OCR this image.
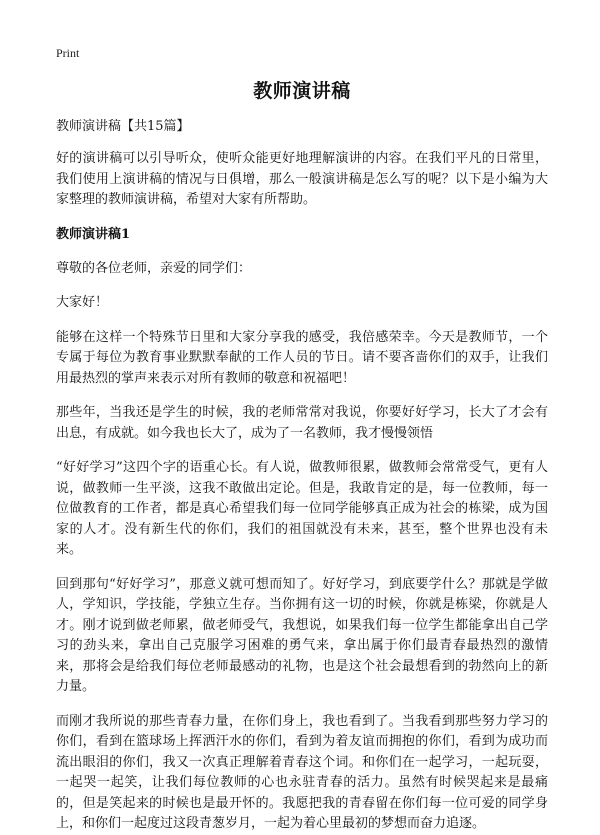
Print
教师演讲稿
教师演讲稿【共15篇】

好的演讲稿可以引导听众，使听众能更好地理解演讲的内容。在我们平凡的日常里，我们使用上演讲稿的情况与日俱增，那么一般演讲稿是怎么写的呢？以下是小编为大家整理的教师演讲稿，希望对大家有所帮助。

教师演讲稿1

尊敬的各位老师，亲爱的同学们：

大家好！

能够在这样一个特殊节日里和大家分享我的感受，我倍感荣幸。今天是教师节，一个专属于每位为教育事业默默奉献的工作人员的节日。请不要吝啬你们的双手，让我们用最热烈的掌声来表示对所有教师的敬意和祝福吧！

那些年，当我还是学生的时候，我的老师常常对我说，你要好好学习，长大了才会有出息，有成就。如今我也长大了，成为了一名教师，我才慢慢领悟

“好好学习”这四个字的语重心长。有人说，做教师很累，做教师会常常受气，更有人说，做教师一生平淡，这我不敢做出定论。但是，我敢肯定的是，每一位教师，每一位做教育的工作者，都是真心希望我们每一位同学能够真正成为社会的栋梁，成为国家的人才。没有新生代的你们，我们的祖国就没有未来，甚至，整个世界也没有未来。

回到那句“好好学习”，那意义就可想而知了。好好学习，到底要学什么？那就是学做人，学知识，学技能，学独立生存。当你拥有这一切的时候，你就是栋梁，你就是人才。刚才说到做老师累，做老师受气，我想说，如果我们每一位学生都能拿出自己学习的劲头来，拿出自己克服学习困难的勇气来，拿出属于你们最青春最热烈的激情来，那将会是给我们每位老师最感动的礼物，也是这个社会最想看到的勃然向上的新力量。

而刚才我所说的那些青春力量，在你们身上，我也看到了。当我看到那些努力学习的你们，看到在篮球场上挥洒汗水的你们，看到为着友谊而拥抱的你们，看到为成功而流出眼泪的你们，我又一次真正理解着青春这个词。和你们在一起学习，一起玩耍，一起哭一起笑，让我们每位教师的心也永驻青春的活力。虽然有时候哭起来是最痛的，但是笑起来的时候也是最开怀的。我愿把我的青春留在你们每一位可爱的同学身上，和你们一起度过这段青葱岁月，一起为着心里最初的梦想而奋力追逐。
